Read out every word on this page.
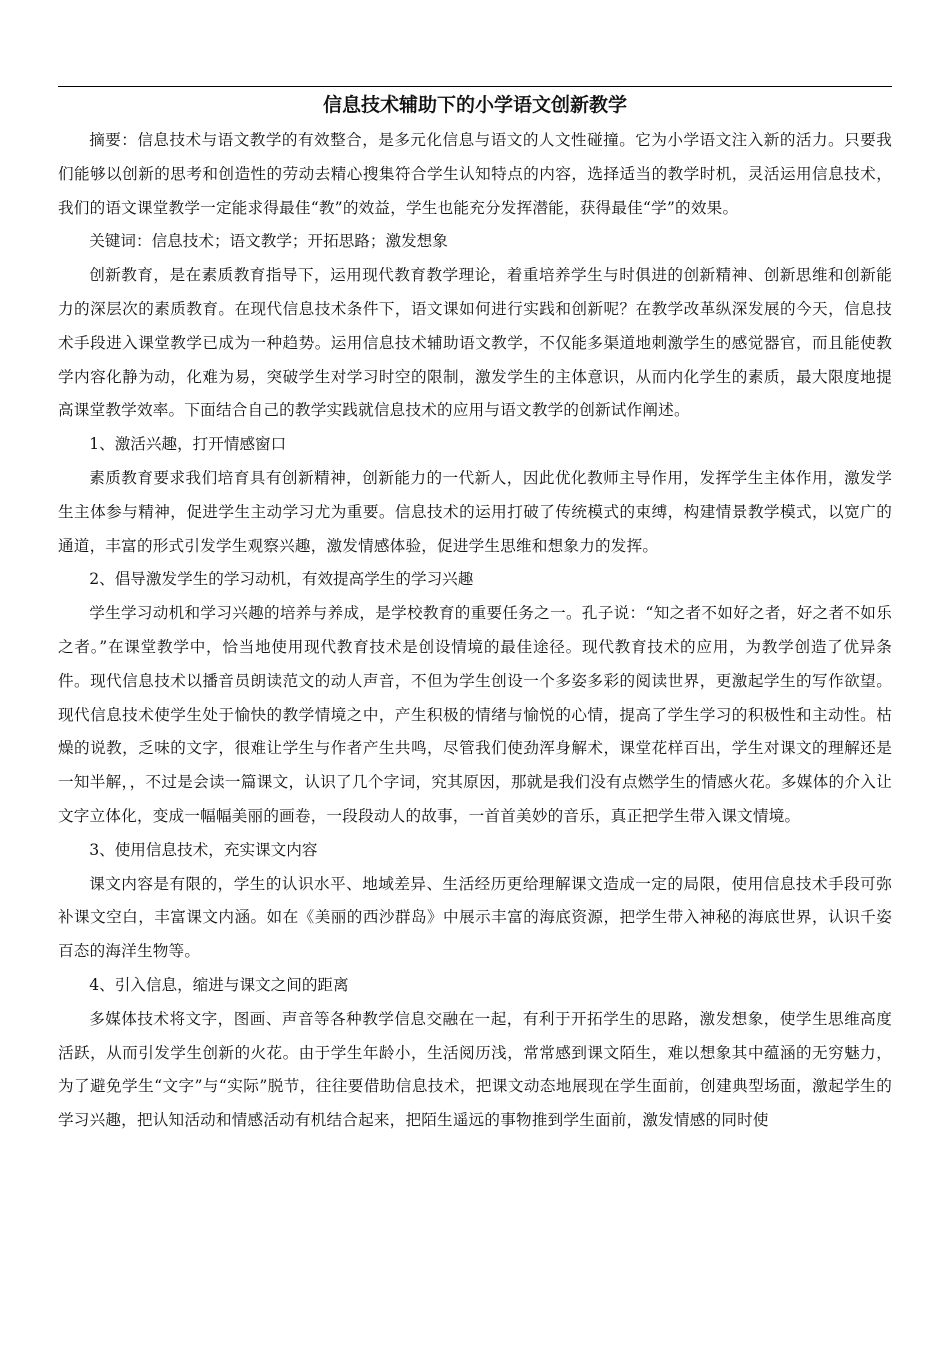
信息技术辅助下的小学语文创新教学

摘要：信息技术与语文教学的有效整合，是多元化信息与语文的人文性碰撞。它为小学语文注入新的活力。只要我们能够以创新的思考和创造性的劳动去精心搜集符合学生认知特点的内容，选择适当的教学时机，灵活运用信息技术，我们的语文课堂教学一定能求得最佳“教”的效益，学生也能充分发挥潜能，获得最佳“学”的效果。

关键词：信息技术；语文教学；开拓思路；激发想象

创新教育，是在素质教育指导下，运用现代教育教学理论，着重培养学生与时俱进的创新精神、创新思维和创新能力的深层次的素质教育。在现代信息技术条件下，语文课如何进行实践和创新呢？在教学改革纵深发展的今天，信息技术手段进入课堂教学已成为一种趋势。运用信息技术辅助语文教学，不仅能多渠道地刺激学生的感觉器官，而且能使教学内容化静为动，化难为易，突破学生对学习时空的限制，激发学生的主体意识，从而内化学生的素质，最大限度地提高课堂教学效率。下面结合自己的教学实践就信息技术的应用与语文教学的创新试作阐述。

1、激活兴趣，打开情感窗口

素质教育要求我们培育具有创新精神，创新能力的一代新人，因此优化教师主导作用，发挥学生主体作用，激发学生主体参与精神，促进学生主动学习尤为重要。信息技术的运用打破了传统模式的束缚，构建情景教学模式，以宽广的通道，丰富的形式引发学生观察兴趣，激发情感体验，促进学生思维和想象力的发挥。

2、倡导激发学生的学习动机，有效提高学生的学习兴趣

学生学习动机和学习兴趣的培养与养成，是学校教育的重要任务之一。孔子说：“知之者不如好之者，好之者不如乐之者。”在课堂教学中，恰当地使用现代教育技术是创设情境的最佳途径。现代教育技术的应用，为教学创造了优异条件。现代信息技术以播音员朗读范文的动人声音，不但为学生创设一个多姿多彩的阅读世界，更激起学生的写作欲望。现代信息技术使学生处于愉快的教学情境之中，产生积极的情绪与愉悦的心情，提高了学生学习的积极性和主动性。枯燥的说教，乏味的文字，很难让学生与作者产生共鸣，尽管我们使劲浑身解术，课堂花样百出，学生对课文的理解还是一知半解，，不过是会读一篇课文，认识了几个字词，究其原因，那就是我们没有点燃学生的情感火花。多媒体的介入让文字立体化，变成一幅幅美丽的画卷，一段段动人的故事，一首首美妙的音乐，真正把学生带入课文情境。

3、使用信息技术，充实课文内容

课文内容是有限的，学生的认识水平、地域差异、生活经历更给理解课文造成一定的局限，使用信息技术手段可弥补课文空白，丰富课文内涵。如在《美丽的西沙群岛》中展示丰富的海底资源，把学生带入神秘的海底世界，认识千姿百态的海洋生物等。

4、引入信息，缩进与课文之间的距离

多媒体技术将文字，图画、声音等各种教学信息交融在一起，有利于开拓学生的思路，激发想象，使学生思维高度活跃，从而引发学生创新的火花。由于学生年龄小，生活阅历浅，常常感到课文陌生，难以想象其中蕴涵的无穷魅力，为了避免学生“文字”与“实际”脱节，往往要借助信息技术，把课文动态地展现在学生面前，创建典型场面，激起学生的学习兴趣，把认知活动和情感活动有机结合起来，把陌生遥远的事物推到学生面前，激发情感的同时使
